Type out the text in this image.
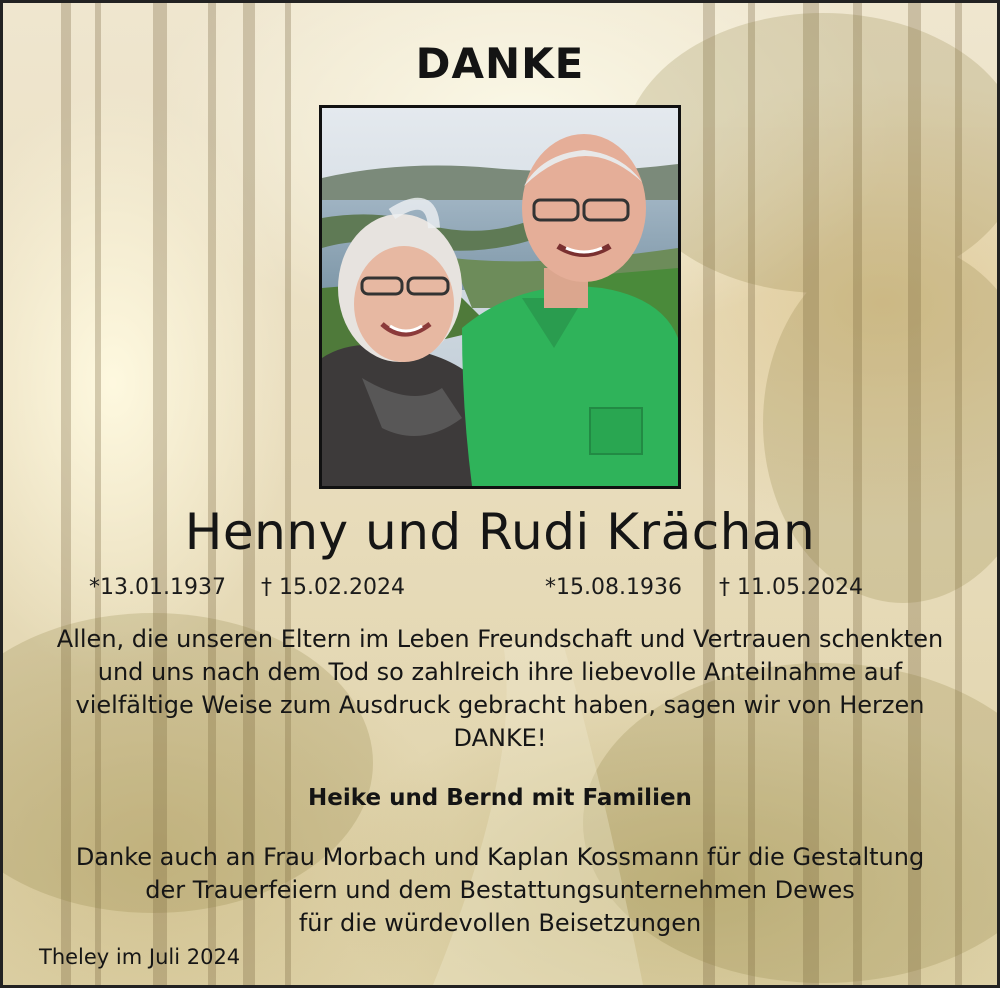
DANKE
Henny und Rudi Krächan
*13.01.1937 † 15.02.2024	*15.08.1936 † 11.05.2024
Allen, die unseren Eltern im Leben Freundschaft und Vertrauen schenkten
und uns nach dem Tod so zahlreich ihre liebevolle Anteilnahme auf
vielfältige Weise zum Ausdruck gebracht haben, sagen wir von Herzen
DANKE!
Heike und Bernd mit Familien
Danke auch an Frau Morbach und Kaplan Kossmann für die Gestaltung
der Trauerfeiern und dem Bestattungsunternehmen Dewes
für die würdevollen Beisetzungen
Theley im Juli 2024
